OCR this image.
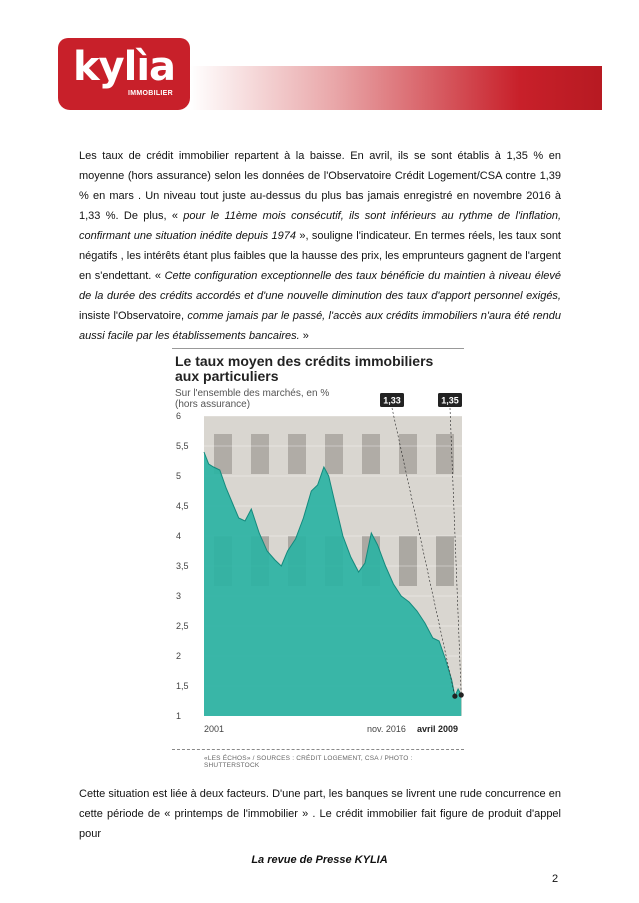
UNE FAMILLE DE SPECIALISTES
kylìa
IMMOBILIER
Les taux de crédit immobilier repartent à la baisse. En avril, ils se sont établis à 1,35 % en moyenne (hors assurance) selon les données de l'Observatoire Crédit Logement/CSA contre 1,39 % en mars . Un niveau tout juste au-dessus du plus bas jamais enregistré en novembre 2016 à 1,33 %. De plus, « pour le 11ème mois consécutif, ils sont inférieurs au rythme de l'inflation, confirmant une situation inédite depuis 1974 », souligne l'indicateur. En termes réels, les taux sont négatifs , les intérêts étant plus faibles que la hausse des prix, les emprunteurs gagnent de l'argent en s'endettant. « Cette configuration exceptionnelle des taux bénéficie du maintien à niveau élevé de la durée des crédits accordés et d'une nouvelle diminution des taux d'apport personnel exigés, insiste l'Observatoire, comme jamais par le passé, l'accès aux crédits immobiliers n'aura été rendu aussi facile par les établissements bancaires. »
Le taux moyen des crédits immobiliers aux particuliers
Sur l'ensemble des marchés, en %
(hors assurance)
6
5,5
5
4,5
4
3,5
3
2,5
2
1,5
1
2001	nov. 2016 avril 2009
1,33	1,35
«LES ÉCHOS» / SOURCES : CRÉDIT LOGEMENT, CSA / PHOTO : SHUTTERSTOCK
Cette situation est liée à deux facteurs. D'une part, les banques se livrent une rude concurrence en cette période de « printemps de l'immobilier » . Le crédit immobilier fait figure de produit d'appel pour
La revue de Presse KYLIA
2
